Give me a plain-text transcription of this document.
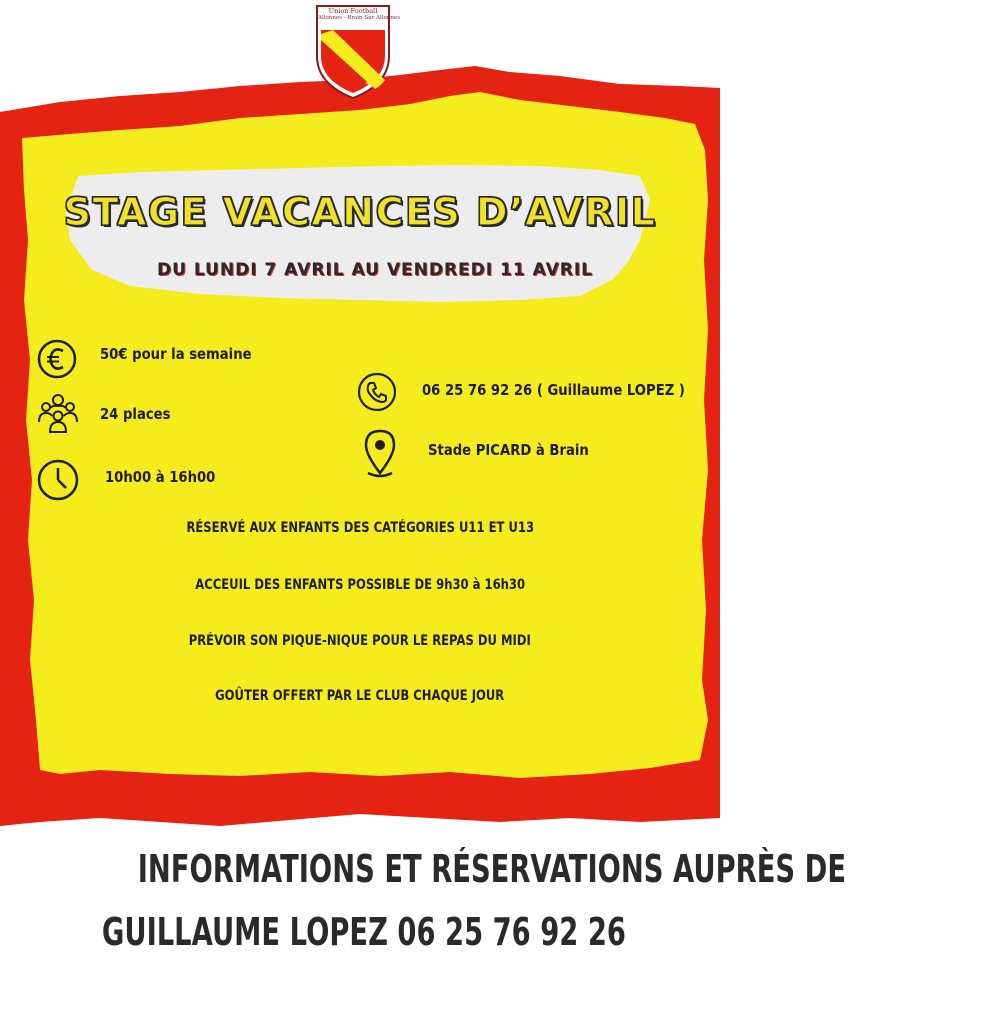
U
F
A
B
Union Football
Allonnes - Brain Sur Allonnes
STAGE VACANCES D’AVRIL
DU LUNDI 7 AVRIL AU VENDREDI 11 AVRIL
50€ pour la semaine
24 places
10h00 à 16h00
06 25 76 92 26 ( Guillaume LOPEZ )
Stade PICARD à Brain
RÉSERVÉ AUX ENFANTS DES CATÉGORIES U11 ET U13
ACCEUIL DES ENFANTS POSSIBLE DE 9h30 à 16h30
PRÉVOIR SON PIQUE-NIQUE POUR LE REPAS DU MIDI
GOÛTER OFFERT PAR LE CLUB CHAQUE JOUR
INFORMATIONS ET RÉSERVATIONS AUPRÈS DE
GUILLAUME LOPEZ 06 25 76 92 26
